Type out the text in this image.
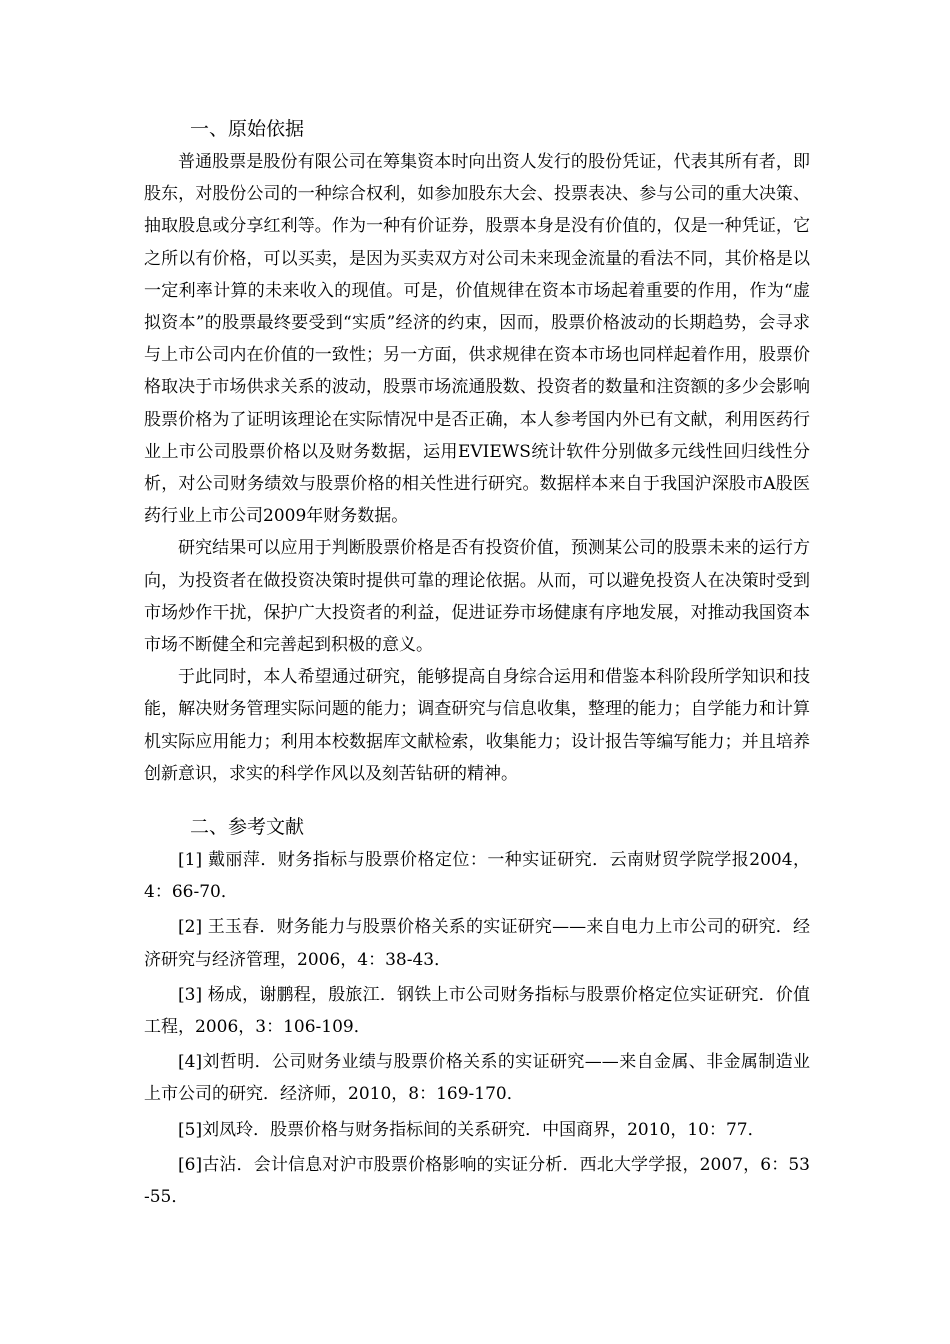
一、原始依据

普通股票是股份有限公司在筹集资本时向出资人发行的股份凭证，代表其所有者，即股东，对股份公司的一种综合权利，如参加股东大会、投票表决、参与公司的重大决策、抽取股息或分享红利等。作为一种有价证券，股票本身是没有价值的，仅是一种凭证，它之所以有价格，可以买卖，是因为买卖双方对公司未来现金流量的看法不同，其价格是以一定利率计算的未来收入的现值。可是，价值规律在资本市场起着重要的作用，作为“虚拟资本”的股票最终要受到“实质”经济的约束，因而，股票价格波动的长期趋势，会寻求与上市公司内在价值的一致性；另一方面，供求规律在资本市场也同样起着作用，股票价格取决于市场供求关系的波动，股票市场流通股数、投资者的数量和注资额的多少会影响股票价格为了证明该理论在实际情况中是否正确，本人参考国内外已有文献，利用医药行业上市公司股票价格以及财务数据，运用EVIEWS统计软件分别做多元线性回归线性分析，对公司财务绩效与股票价格的相关性进行研究。数据样本来自于我国沪深股市A股医药行业上市公司2009年财务数据。

研究结果可以应用于判断股票价格是否有投资价值，预测某公司的股票未来的运行方向，为投资者在做投资决策时提供可靠的理论依据。从而，可以避免投资人在决策时受到市场炒作干扰，保护广大投资者的利益，促进证券市场健康有序地发展，对推动我国资本市场不断健全和完善起到积极的意义。

于此同时，本人希望通过研究，能够提高自身综合运用和借鉴本科阶段所学知识和技能，解决财务管理实际问题的能力；调查研究与信息收集，整理的能力；自学能力和计算机实际应用能力；利用本校数据库文献检索，收集能力；设计报告等编写能力；并且培养创新意识，求实的科学作风以及刻苦钻研的精神。

二、参考文献

[1] 戴丽萍．财务指标与股票价格定位：一种实证研究．云南财贸学院学报2004，4：66-70．

[2] 王玉春．财务能力与股票价格关系的实证研究——来自电力上市公司的研究．经济研究与经济管理，2006，4：38-43．

[3] 杨成，谢鹏程，殷旅江．钢铁上市公司财务指标与股票价格定位实证研究．价值工程，2006，3：106-109．

[4]刘哲明．公司财务业绩与股票价格关系的实证研究——来自金属、非金属制造业上市公司的研究．经济师，2010，8：169-170．

[5]刘凤玲．股票价格与财务指标间的关系研究．中国商界，2010，10：77．

[6]古沾．会计信息对沪市股票价格影响的实证分析．西北大学学报，2007，6：53-55．
